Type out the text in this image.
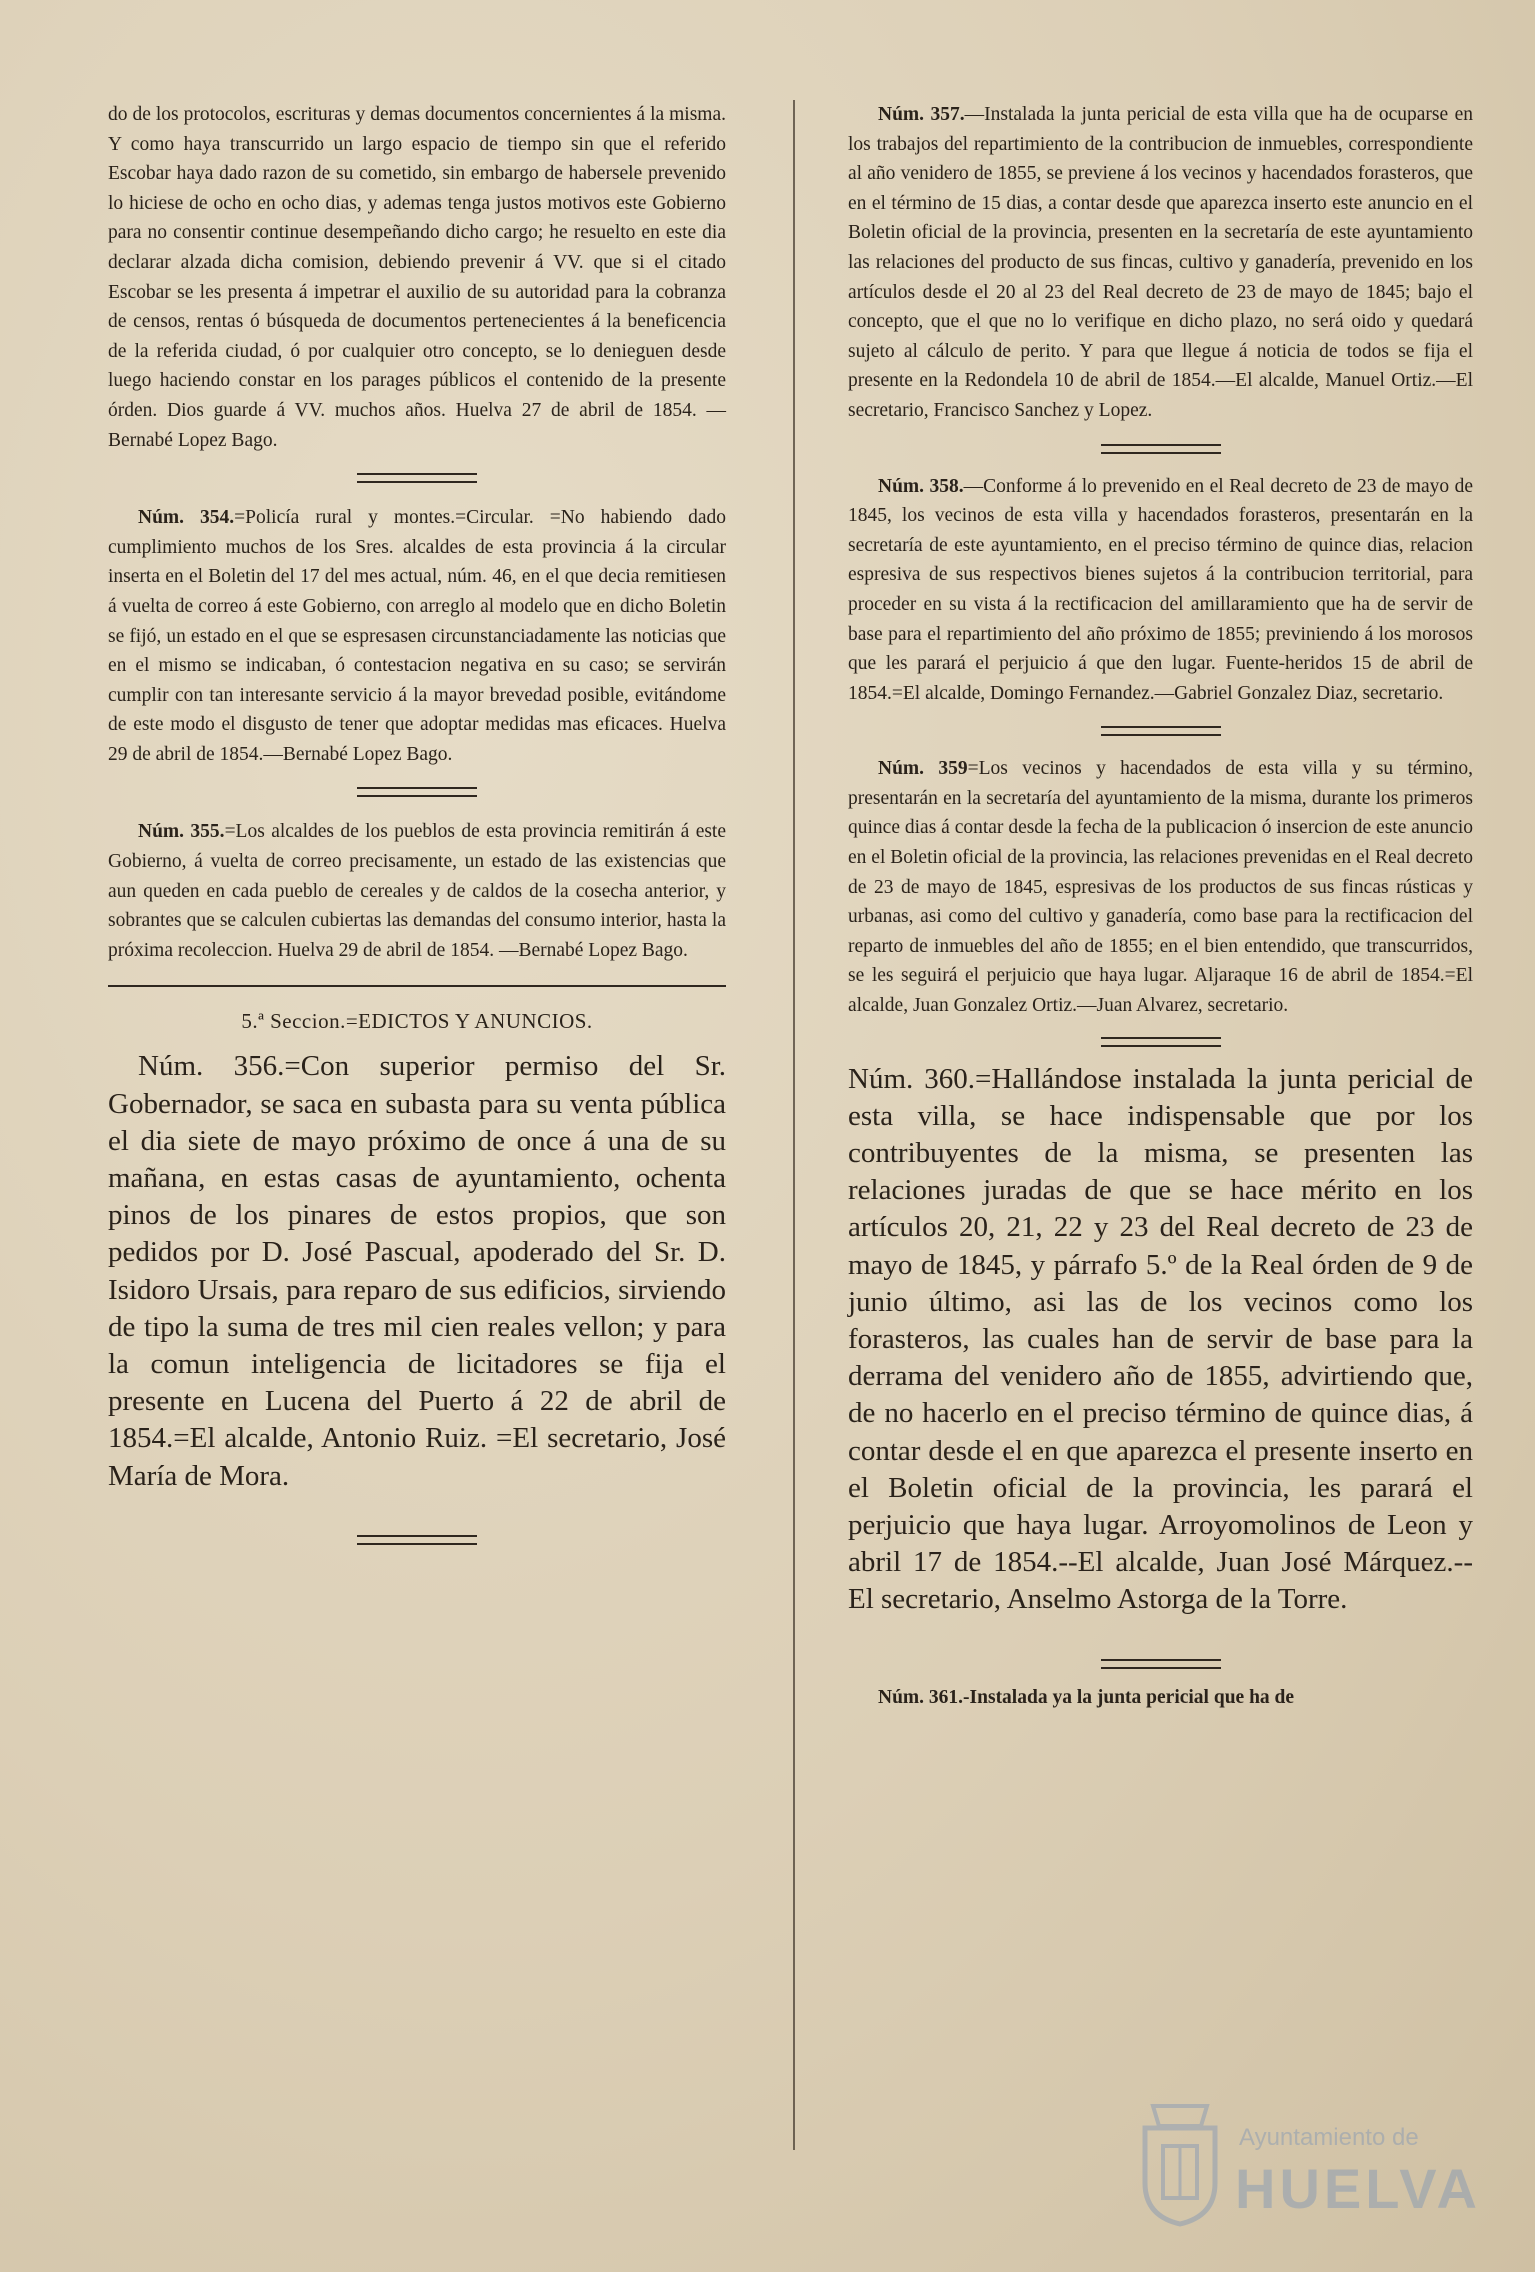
do de los protocolos, escrituras y demas documentos concernientes á la misma. Y como haya transcurrido un largo espacio de tiempo sin que el referido Escobar haya dado razon de su cometido, sin embargo de habersele prevenido lo hiciese de ocho en ocho dias, y ademas tenga justos motivos este Gobierno para no consentir continue desempeñando dicho cargo; he resuelto en este dia declarar alzada dicha comision, debiendo prevenir á VV. que si el citado Escobar se les presenta á impetrar el auxilio de su autoridad para la cobranza de censos, rentas ó búsqueda de documentos pertenecientes á la beneficencia de la referida ciudad, ó por cualquier otro concepto, se lo denieguen desde luego haciendo constar en los parages públicos el contenido de la presente órden. Dios guarde á VV. muchos años. Huelva 27 de abril de 1854. —Bernabé Lopez Bago.

Núm. 354.=Policía rural y montes.=Circular. =No habiendo dado cumplimiento muchos de los Sres. alcaldes de esta provincia á la circular inserta en el Boletin del 17 del mes actual, núm. 46, en el que decia remitiesen á vuelta de correo á este Gobierno, con arreglo al modelo que en dicho Boletin se fijó, un estado en el que se espresasen circunstanciadamente las noticias que en el mismo se indicaban, ó contestacion negativa en su caso; se servirán cumplir con tan interesante servicio á la mayor brevedad posible, evitándome de este modo el disgusto de tener que adoptar medidas mas eficaces. Huelva 29 de abril de 1854.—Bernabé Lopez Bago.

Núm. 355.=Los alcaldes de los pueblos de esta provincia remitirán á este Gobierno, á vuelta de correo precisamente, un estado de las existencias que aun queden en cada pueblo de cereales y de caldos de la cosecha anterior, y sobrantes que se calculen cubiertas las demandas del consumo interior, hasta la próxima recoleccion. Huelva 29 de abril de 1854. —Bernabé Lopez Bago.

5.ª Seccion.=EDICTOS Y ANUNCIOS.

Núm. 356.=Con superior permiso del Sr. Gobernador, se saca en subasta para su venta pública el dia siete de mayo próximo de once á una de su mañana, en estas casas de ayuntamiento, ochenta pinos de los pinares de estos propios, que son pedidos por D. José Pascual, apoderado del Sr. D. Isidoro Ursais, para reparo de sus edificios, sirviendo de tipo la suma de tres mil cien reales vellon; y para la comun inteligencia de licitadores se fija el presente en Lucena del Puerto á 22 de abril de 1854.=El alcalde, Antonio Ruiz. =El secretario, José María de Mora.

Núm. 357.—Instalada la junta pericial de esta villa que ha de ocuparse en los trabajos del repartimiento de la contribucion de inmuebles, correspondiente al año venidero de 1855, se previene á los vecinos y hacendados forasteros, que en el término de 15 dias, a contar desde que aparezca inserto este anuncio en el Boletin oficial de la provincia, presenten en la secretaría de este ayuntamiento las relaciones del producto de sus fincas, cultivo y ganadería, prevenido en los artículos desde el 20 al 23 del Real decreto de 23 de mayo de 1845; bajo el concepto, que el que no lo verifique en dicho plazo, no será oido y quedará sujeto al cálculo de perito. Y para que llegue á noticia de todos se fija el presente en la Redondela 10 de abril de 1854.—El alcalde, Manuel Ortiz.—El secretario, Francisco Sanchez y Lopez.

Núm. 358.—Conforme á lo prevenido en el Real decreto de 23 de mayo de 1845, los vecinos de esta villa y hacendados forasteros, presentarán en la secretaría de este ayuntamiento, en el preciso término de quince dias, relacion espresiva de sus respectivos bienes sujetos á la contribucion territorial, para proceder en su vista á la rectificacion del amillaramiento que ha de servir de base para el repartimiento del año próximo de 1855; previniendo á los morosos que les parará el perjuicio á que den lugar. Fuente-heridos 15 de abril de 1854.=El alcalde, Domingo Fernandez.—Gabriel Gonzalez Diaz, secretario.

Núm. 359=Los vecinos y hacendados de esta villa y su término, presentarán en la secretaría del ayuntamiento de la misma, durante los primeros quince dias á contar desde la fecha de la publicacion ó insercion de este anuncio en el Boletin oficial de la provincia, las relaciones prevenidas en el Real decreto de 23 de mayo de 1845, espresivas de los productos de sus fincas rústicas y urbanas, asi como del cultivo y ganadería, como base para la rectificacion del reparto de inmuebles del año de 1855; en el bien entendido, que transcurridos, se les seguirá el perjuicio que haya lugar. Aljaraque 16 de abril de 1854.=El alcalde, Juan Gonzalez Ortiz.—Juan Alvarez, secretario.

Núm. 360.=Hallándose instalada la junta pericial de esta villa, se hace indispensable que por los contribuyentes de la misma, se presenten las relaciones juradas de que se hace mérito en los artículos 20, 21, 22 y 23 del Real decreto de 23 de mayo de 1845, y párrafo 5.º de la Real órden de 9 de junio último, asi las de los vecinos como los forasteros, las cuales han de servir de base para la derrama del venidero año de 1855, advirtiendo que, de no hacerlo en el preciso término de quince dias, á contar desde el en que aparezca el presente inserto en el Boletin oficial de la provincia, les parará el perjuicio que haya lugar. Arroyomolinos de Leon y abril 17 de 1854.--El alcalde, Juan José Márquez.-- El secretario, Anselmo Astorga de la Torre.

Núm. 361.-Instalada ya la junta pericial que ha de

Ayuntamiento de
HUELVA
